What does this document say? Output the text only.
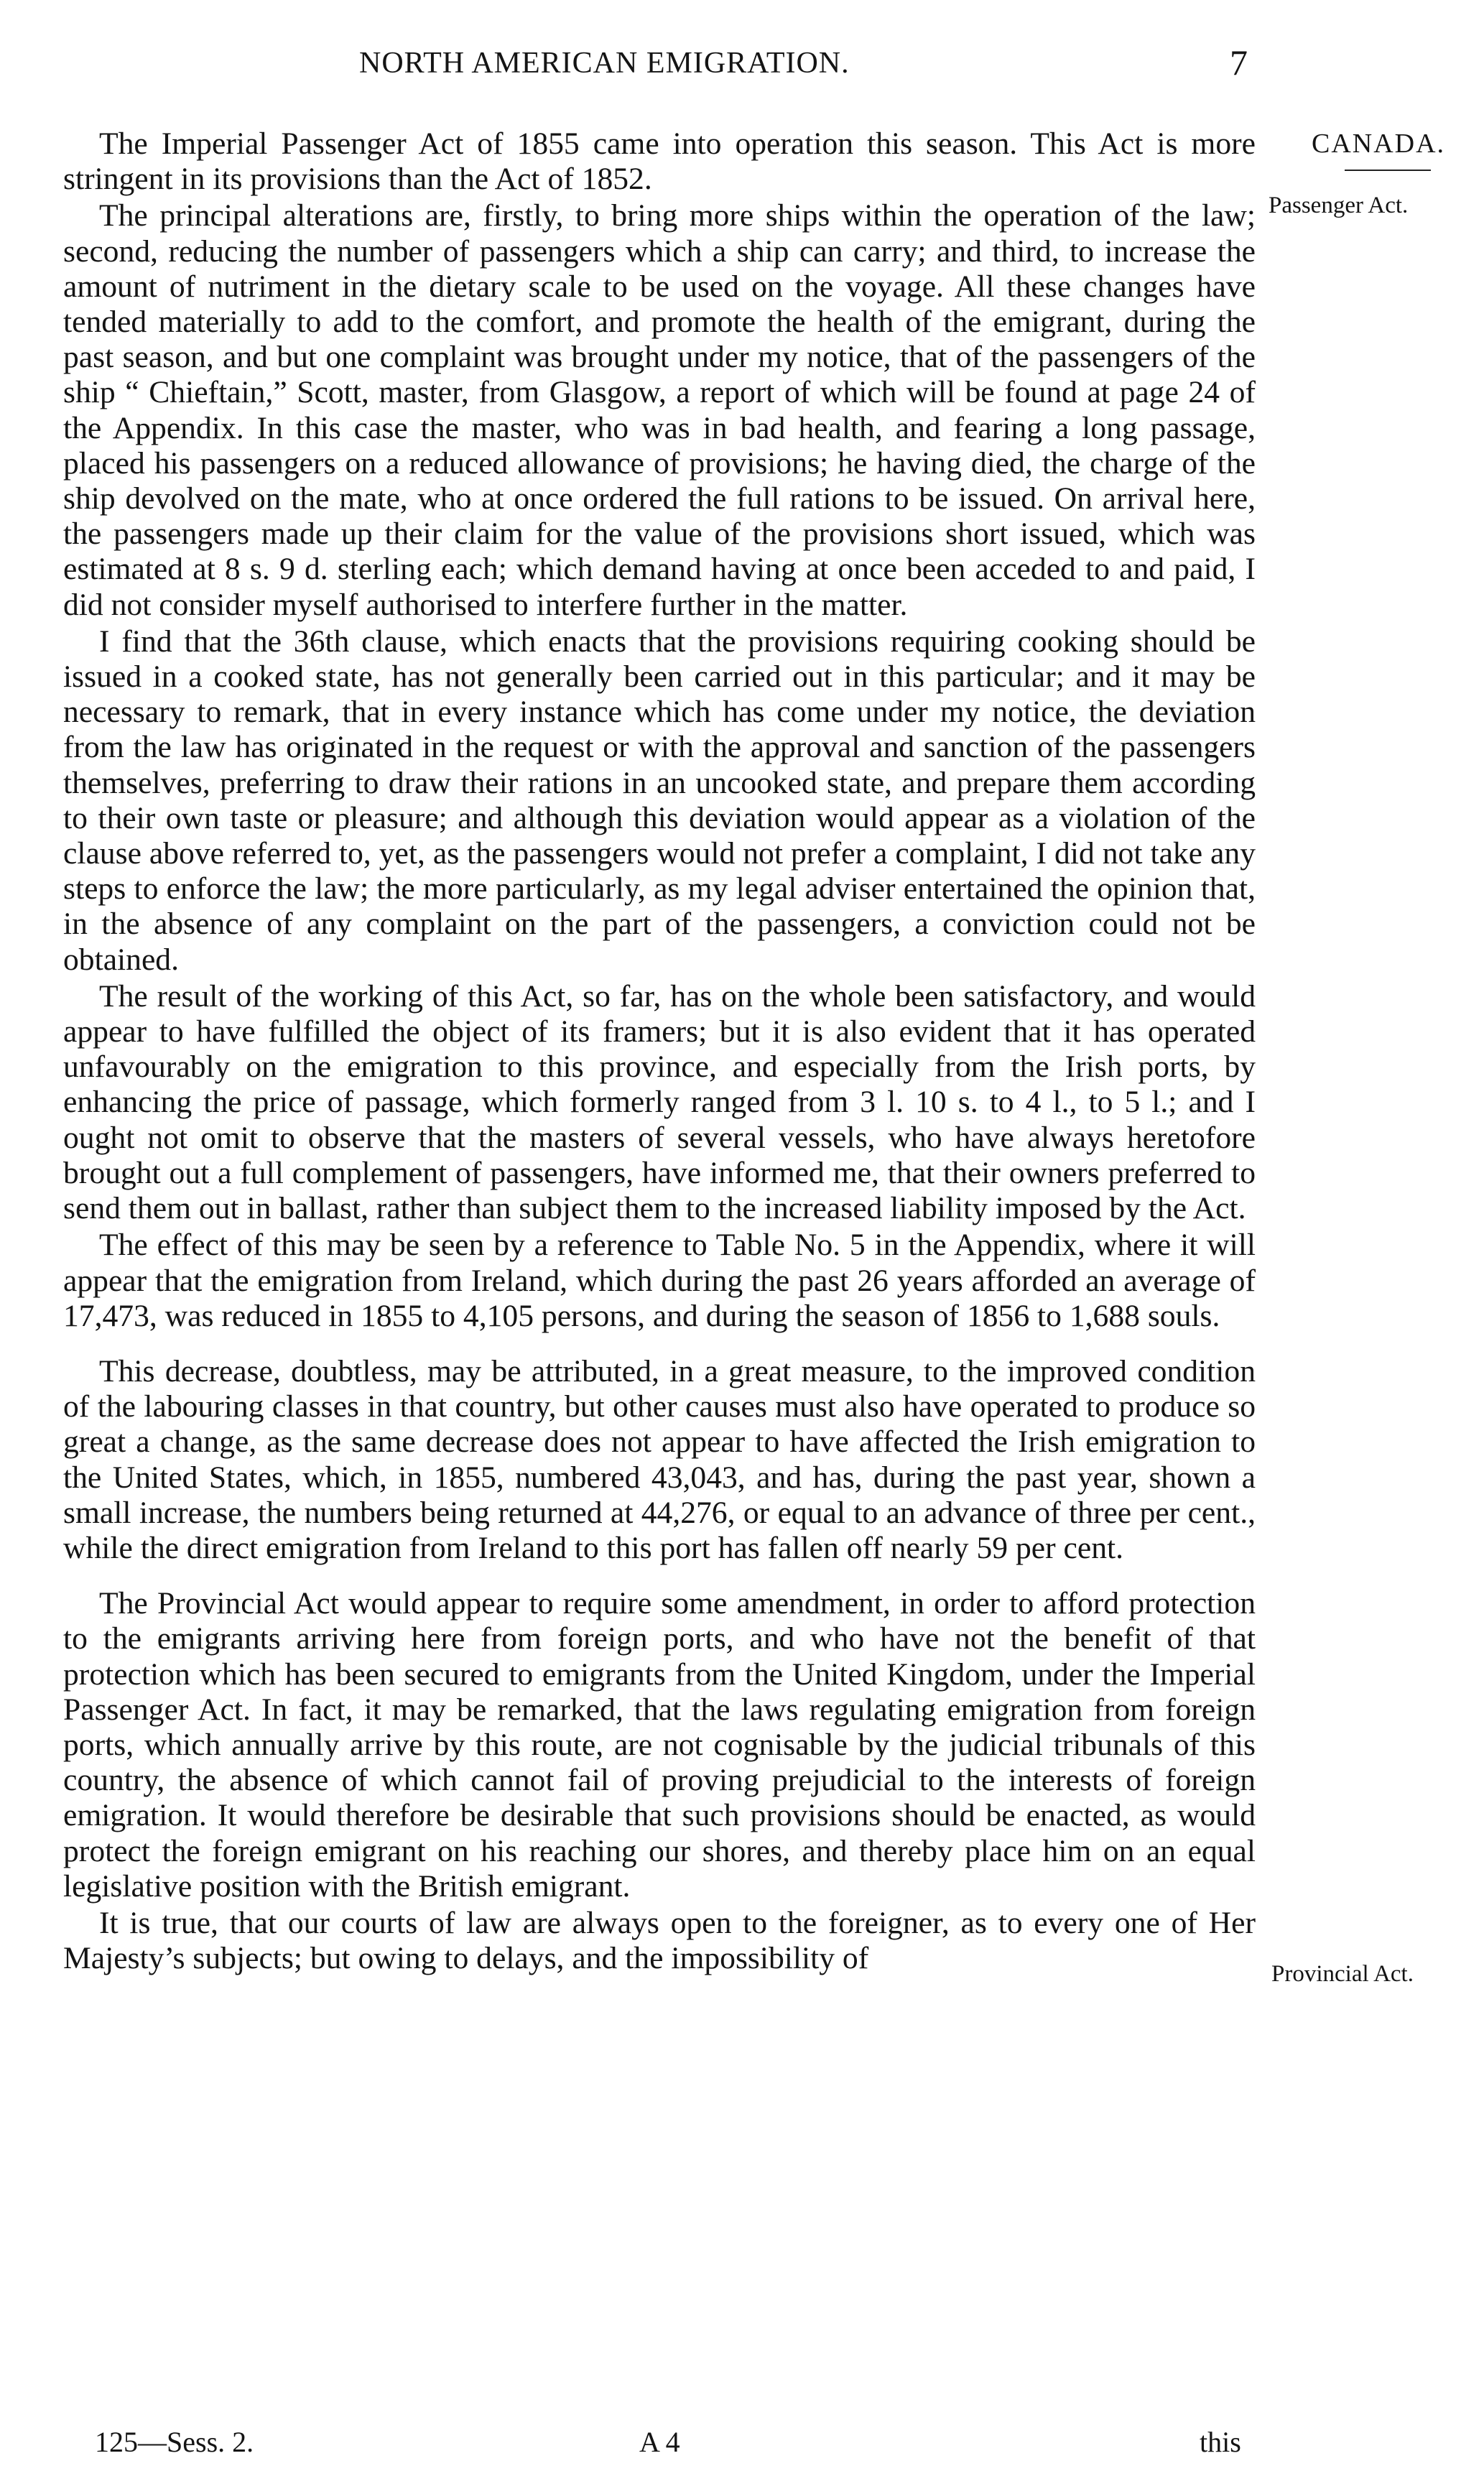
NORTH AMERICAN EMIGRATION.	7
CANADA.
Passenger Act.
Provincial Act.

The Imperial Passenger Act of 1855 came into operation this season. This Act is more stringent in its provisions than the Act of 1852.

The principal alterations are, firstly, to bring more ships within the operation of the law; second, reducing the number of passengers which a ship can carry; and third, to increase the amount of nutriment in the dietary scale to be used on the voyage. All these changes have tended materially to add to the comfort, and promote the health of the emigrant, during the past season, and but one complaint was brought under my notice, that of the passengers of the ship “ Chieftain,” Scott, master, from Glasgow, a report of which will be found at page 24 of the Appendix. In this case the master, who was in bad health, and fearing a long passage, placed his passengers on a reduced allowance of provisions; he having died, the charge of the ship devolved on the mate, who at once ordered the full rations to be issued. On arrival here, the passengers made up their claim for the value of the provisions short issued, which was estimated at 8 s. 9 d. sterling each; which demand having at once been acceded to and paid, I did not consider myself authorised to interfere further in the matter.

I find that the 36th clause, which enacts that the provisions requiring cooking should be issued in a cooked state, has not generally been carried out in this particular; and it may be necessary to remark, that in every instance which has come under my notice, the deviation from the law has originated in the request or with the approval and sanction of the passengers themselves, preferring to draw their rations in an uncooked state, and prepare them according to their own taste or pleasure; and although this deviation would appear as a violation of the clause above referred to, yet, as the passengers would not prefer a complaint, I did not take any steps to enforce the law; the more particularly, as my legal adviser entertained the opinion that, in the absence of any complaint on the part of the passengers, a conviction could not be obtained.

The result of the working of this Act, so far, has on the whole been satisfactory, and would appear to have fulfilled the object of its framers; but it is also evident that it has operated unfavourably on the emigration to this province, and especially from the Irish ports, by enhancing the price of passage, which formerly ranged from 3 l. 10 s. to 4 l., to 5 l.; and I ought not omit to observe that the masters of several vessels, who have always heretofore brought out a full complement of passengers, have informed me, that their owners preferred to send them out in ballast, rather than subject them to the increased liability imposed by the Act.

The effect of this may be seen by a reference to Table No. 5 in the Appendix, where it will appear that the emigration from Ireland, which during the past 26 years afforded an average of 17,473, was reduced in 1855 to 4,105 persons, and during the season of 1856 to 1,688 souls.

This decrease, doubtless, may be attributed, in a great measure, to the improved condition of the labouring classes in that country, but other causes must also have operated to produce so great a change, as the same decrease does not appear to have affected the Irish emigration to the United States, which, in 1855, numbered 43,043, and has, during the past year, shown a small increase, the numbers being returned at 44,276, or equal to an advance of three per cent., while the direct emigration from Ireland to this port has fallen off nearly 59 per cent.

The Provincial Act would appear to require some amendment, in order to afford protection to the emigrants arriving here from foreign ports, and who have not the benefit of that protection which has been secured to emigrants from the United Kingdom, under the Imperial Passenger Act. In fact, it may be remarked, that the laws regulating emigration from foreign ports, which annually arrive by this route, are not cognisable by the judicial tribunals of this country, the absence of which cannot fail of proving prejudicial to the interests of foreign emigration. It would therefore be desirable that such provisions should be enacted, as would protect the foreign emigrant on his reaching our shores, and thereby place him on an equal legislative position with the British emigrant.

It is true, that our courts of law are always open to the foreigner, as to every one of Her Majesty’s subjects; but owing to delays, and the impossibility of

125—Sess. 2.	A 4	this
